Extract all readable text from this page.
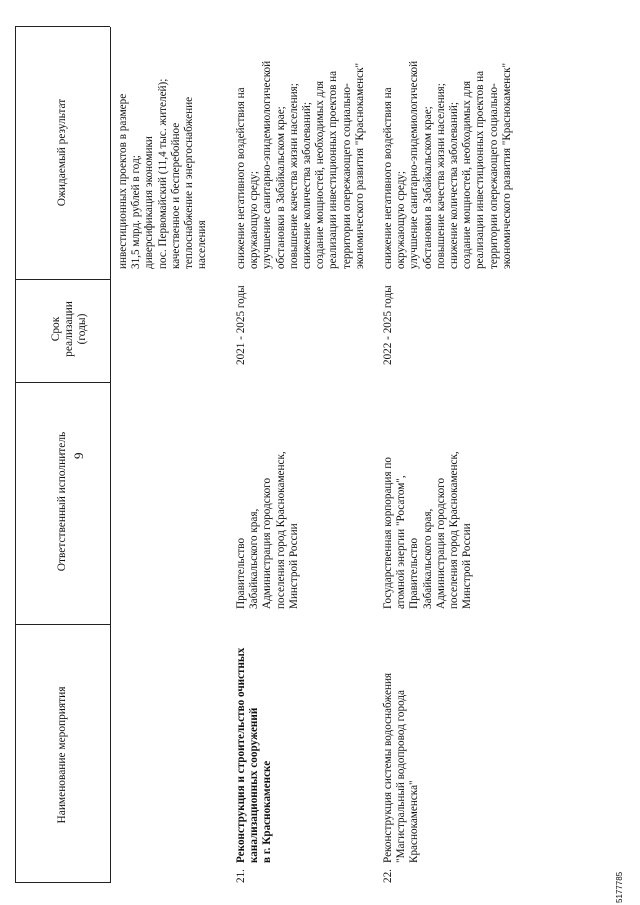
9
Наименование мероприятия
Ответственный исполнитель
Срок реализации (годы)
Ожидаемый результат
инвестиционных проектов в размере
31,5 млрд. рублей в год;
диверсификация экономики
пос. Первомайский (11,4 тыс. жителей);
качественное и бесперебойное
теплоснабжение и энергоснабжение
населения
21.
Реконструкция и строительство очистных
канализационных сооружений
в г. Краснокаменске
Правительство
Забайкальского края,
Администрация городского
поселения город Краснокаменск,
Минстрой России
2021 - 2025 годы
снижение негативного воздействия на
окружающую среду;
улучшение санитарно-эпидемиологической
обстановки в Забайкальском крае;
повышение качества жизни населения;
снижение количества заболеваний;
создание мощностей, необходимых для
реализации инвестиционных проектов на
территории опережающего социально-
экономического развития "Краснокаменск"
22.
Реконструкция системы водоснабжения
"Магистральный водопровод города
Краснокаменска"
Государственная корпорация по
атомной энергии "Росатом",
Правительство
Забайкальского края,
Администрация городского
поселения город Краснокаменск,
Минстрой России
2022 - 2025 годы
снижение негативного воздействия на
окружающую среду;
улучшение санитарно-эпидемиологической
обстановки в Забайкальском крае;
повышение качества жизни населения;
снижение количества заболеваний;
создание мощностей, необходимых для
реализации инвестиционных проектов на
территории опережающего социально-
экономического развития "Краснокаменск"
5177785
